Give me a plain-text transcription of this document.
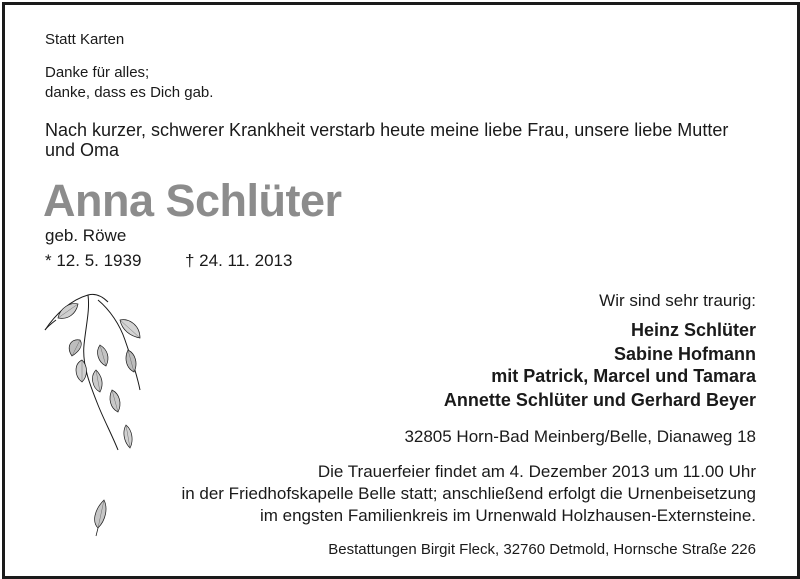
Statt Karten
Danke für alles;
danke, dass es Dich gab.
Nach kurzer, schwerer Krankheit verstarb heute meine liebe Frau, unsere liebe Mutter
und Oma
Anna Schlüter
geb. Röwe
* 12. 5. 1939	† 24. 11. 2013
Wir sind sehr traurig:
Heinz Schlüter
Sabine Hofmann
mit Patrick, Marcel und Tamara
Annette Schlüter und Gerhard Beyer
32805 Horn-Bad Meinberg/Belle, Dianaweg 18
Die Trauerfeier findet am 4. Dezember 2013 um 11.00 Uhr
in der Friedhofskapelle Belle statt; anschließend erfolgt die Urnenbeisetzung
im engsten Familienkreis im Urnenwald Holzhausen-Externsteine.
Bestattungen Birgit Fleck, 32760 Detmold, Hornsche Straße 226
